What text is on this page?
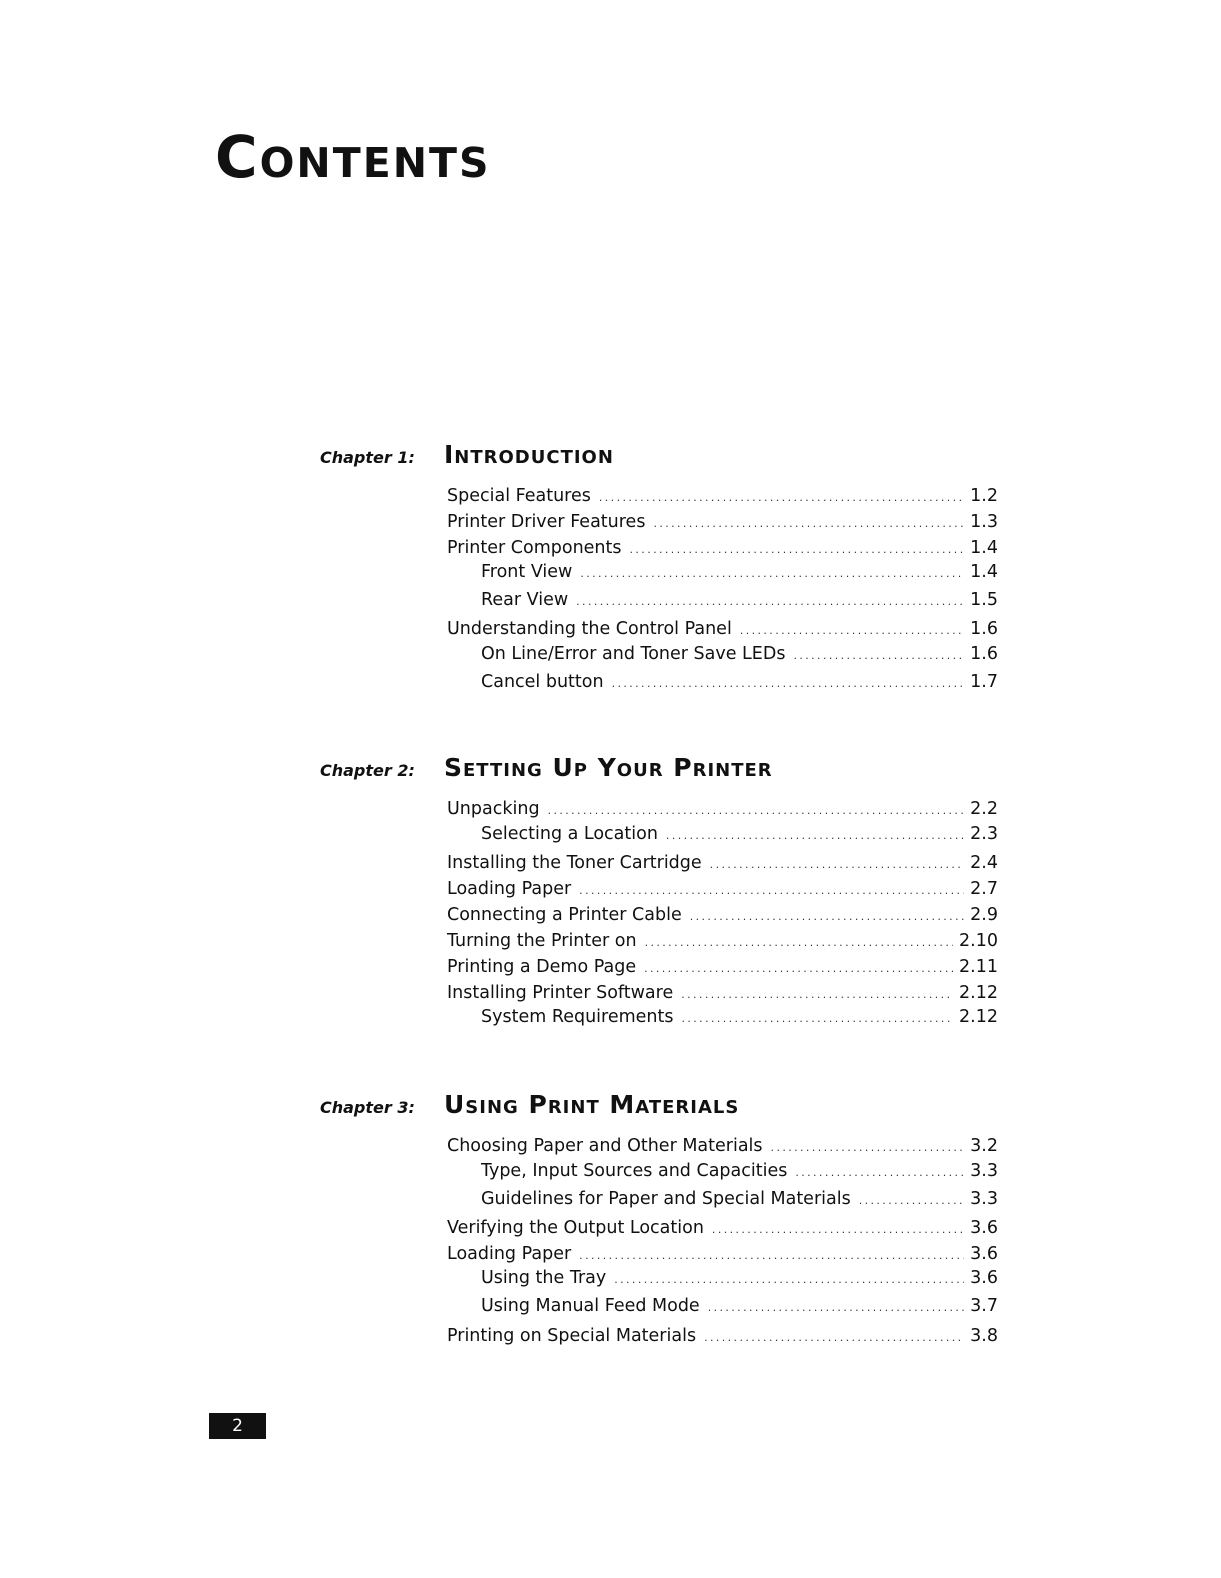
Contents
Chapter 1:	Introduction
Special Features .....	1.2
Printer Driver Features .....	1.3
Printer Components .....	1.4
Front View .....	1.4
Rear View .....	1.5
Understanding the Control Panel .....	1.6
On Line/Error and Toner Save LEDs .....	1.6
Cancel button .....	1.7
Chapter 2:	Setting Up Your Printer
Unpacking .....	2.2
Selecting a Location .....	2.3
Installing the Toner Cartridge .....	2.4
Loading Paper .....	2.7
Connecting a Printer Cable .....	2.9
Turning the Printer on .....	2.10
Printing a Demo Page .....	2.11
Installing Printer Software .....	2.12
System Requirements .....	2.12
Chapter 3:	Using Print Materials
Choosing Paper and Other Materials .....	3.2
Type, Input Sources and Capacities .....	3.3
Guidelines for Paper and Special Materials .....	3.3
Verifying the Output Location .....	3.6
Loading Paper .....	3.6
Using the Tray .....	3.6
Using Manual Feed Mode .....	3.7
Printing on Special Materials .....	3.8
2
